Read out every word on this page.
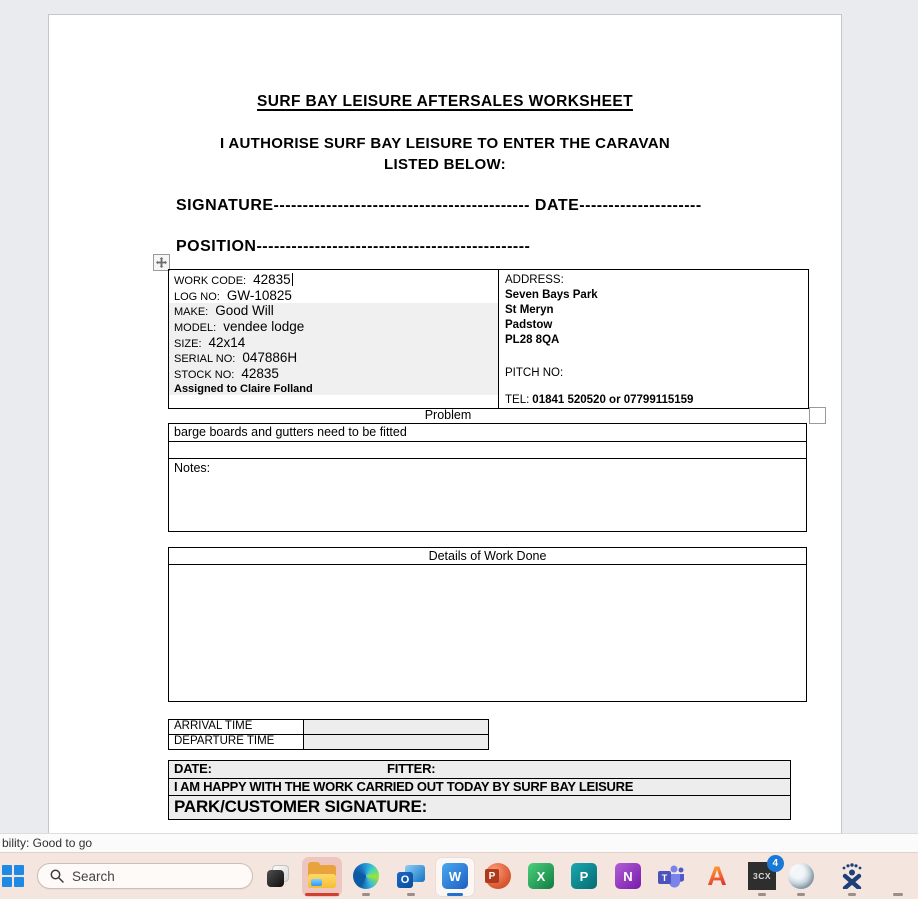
SURF BAY LEISURE AFTERSALES WORKSHEET
I AUTHORISE SURF BAY LEISURE TO ENTER THE CARAVAN
LISTED BELOW:
SIGNATURE-------------------------------------------- DATE---------------------
POSITION-----------------------------------------------
WORK CODE: 42835
LOG NO: GW-10825
MAKE: Good Will
MODEL: vendee lodge
SIZE: 42x14
SERIAL NO: 047886H
STOCK NO: 42835
Assigned to Claire Folland
ADDRESS:
Seven Bays Park
St Meryn
Padstow
PL28 8QA
PITCH NO:
TEL: 01841 520520 or 07799115159
Problem
barge boards and gutters need to be fitted
Notes:
Details of Work Done
ARRIVAL TIME
DEPARTURE TIME
DATE:	FITTER:
I AM HAPPY WITH THE WORK CARRIED OUT TODAY BY SURF BAY LEISURE
PARK/CUSTOMER SIGNATURE:
bility: Good to go
Search	O	W	P	X	P	N	T A	3CX
4
